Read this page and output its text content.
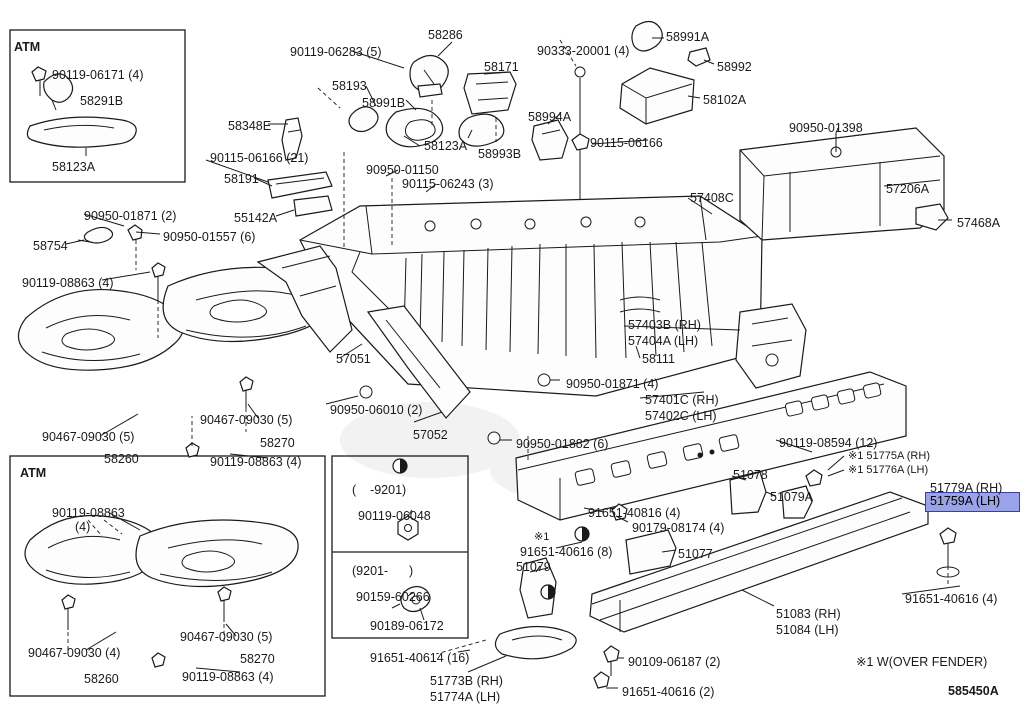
51759A (LH)
ATM
90119-06171 (4)
58291B
58123A
58348E
90115-06166 (21)
58191
55142A
90950-01871 (2)
58754
90950-01557 (6)
90119-08863 (4)
90467-09030 (5)
58260
90467-09030 (5)
58270
90119-08863 (4)
57051
90950-06010 (2)
57052
90950-01882 (6)
90119-06283 (5)
58286
58193
58991B
58171
58123A
58993B
58994A
90333-20001 (4)
58991A
58992
58102A
90115-06166
90950-01150
90115-06243 (3)
57408C
90950-01398
57206A
57468A
57403B (RH)
57404A (LH)
58111
90950-01871 (4)
57401C (RH)
57402C (LH)
90119-08594 (12)
※1 51775A (RH)
※1 51776A (LH)
51779A (RH)
51078
51079A
91651-40816 (4)
90179-08174 (4)
※1
91651-40616 (8)	51077
51079
51083 (RH)
51084 (LH)
91651-40616 (4)
90109-06187 (2)
91651-40616 (2)
51773B (RH)
51774A (LH)
91651-40614 (16)
ATM
90119-08863
(4)
90467-09030 (4)
58260
90467-09030 (5)
58270
90119-08863 (4)
(    -9201)
90119-06048
(9201-      )
90159-60266
90189-06172
※1 W(OVER FENDER)
585450A
